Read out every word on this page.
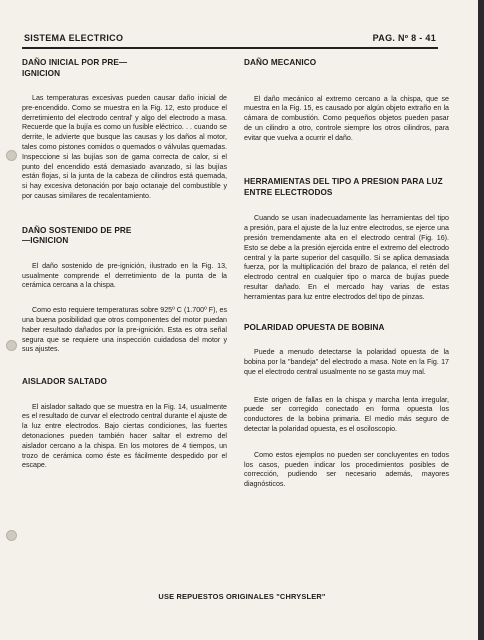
SISTEMA ELECTRICO	PAG. Nº 8 - 41

DAÑO INICIAL POR PRE—IGNICION

Las temperaturas excesivas pueden causar daño inicial de pre-encendido. Como se muestra en la Fig. 12, esto produce el derretimiento del electrodo central' y algo del electrodo a masa. Recuerde que la bujía es como un fusible eléctrico. . . cuando se derrite, le advierte que busque las causas y los daños al motor, tales como pistones comidos o quemados o válvulas quemadas. Inspeccione si las bujías son de gama correcta de calor, si el punto del encendido está demasiado avanzado, si las bujías están flojas, si la junta de la cabeza de cilindros está quemada, si hay excesiva detonación por bajo octanaje del combustible y por causas similares de recalentamiento.

DAÑO SOSTENIDO DE PRE—IGNICION

El daño sostenido de pre-ignición, ilustrado en la Fig. 13, usualmente comprende el derretimiento de la punta de la cerámica cercana a la chispa.

Como esto requiere temperaturas sobre 925º C (1.700º F), es una buena posibilidad que otros componentes del motor puedan haber resultado dañados por la pre-ignición. Esta es otra señal segura que se requiere una inspección cuidadosa del motor y sus ajustes.

AISLADOR SALTADO

El aislador saltado que se muestra en la Fig. 14, usualmente es el resultado de curvar el electrodo central durante el ajuste de la luz entre electrodos. Bajo ciertas condiciones, las fuertes detonaciones pueden también hacer saltar el extremo del aislador cercano a la chispa. En los motores de 4 tiempos, un trozo de cerámica como éste es fácilmente despedido por el escape.

DAÑO MECANICO

El daño mecánico al extremo cercano a la chispa, que se muestra en la Fig. 15, es causado por algún objeto extraño en la cámara de combustión. Como pequeños objetos pueden pasar de un cilindro a otro, controle siempre los otros cilindros, para evitar que vuelva a ocurrir el daño.

HERRAMIENTAS DEL TIPO A PRESION PARA LUZ ENTRE ELECTRODOS

Cuando se usan inadecuadamente las herramientas del tipo a presión, para el ajuste de la luz entre electrodos, se ejerce una presión tremendamente alta en el electrodo central (Fig. 16). Esto se debe a la presión ejercida entre el extremo del electrodo central y la parte superior del casquillo. Si se aplica demasiada fuerza, por la multiplicación del brazo de palanca, el retén del electrodo central en cualquier tipo o marca de bujías puede resultar dañado. En el mercado hay varias de estas herramientas para luz entre electrodos del tipo de pinzas.

POLARIDAD OPUESTA DE BOBINA

Puede a menudo detectarse la polaridad opuesta de la bobina por la "bandeja" del electrodo a masa. Note en la Fig. 17 que el electrodo central usualmente no se gasta muy mal.

Este origen de fallas en la chispa y marcha lenta irregular, puede ser corregido conectado en forma opuesta los conductores de la bobina primaria. El medio más seguro de detectar la polaridad opuesta, es el osciloscopio.

Como estos ejemplos no pueden ser concluyentes en todos los casos, pueden indicar los procedimientos posibles de corrección, pudiendo ser necesario además, mayores diagnósticos.

USE REPUESTOS ORIGINALES "CHRYSLER"
